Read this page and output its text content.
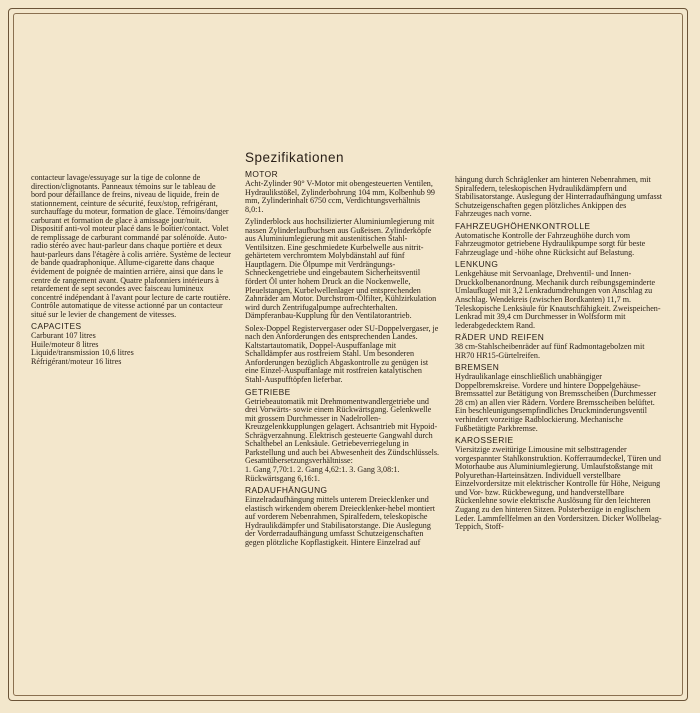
contacteur lavage/essuyage sur la tige de colonne de direction/clignotants. Panneaux témoins sur le tableau de bord pour défaillance de freins, niveau de liquide, frein de stationnement, ceinture de sécurité, feux/stop, refrigérant, surchauffage du moteur, formation de glace. Témoins/danger carburant et formation de glace à amissage jour/nuit. Dispositif anti-vol moteur placé dans le boîtier/contact. Volet de remplissage de carburant commandé par solénoïde. Auto-radio stéréo avec haut-parleur dans chaque portière et deux haut-parleurs dans l'étagère à colis arrière. Système de lecteur de bande quadraphonique. Allume-cigarette dans chaque évidement de poignée de maintien arrière, ainsi que dans le centre de rangement avant. Quatre plafonniers intérieurs à retardement de sept secondes avec faisceau lumineux concentré indépendant à l'avant pour lecture de carte routière. Contrôle automatique de vitesse actionné par un contacteur situé sur le levier de changement de vitesses.

CAPACITES

Carburant 107 litres

Huile/moteur 8 litres

Liquide/transmission 10,6 litres

Réfrigérant/moteur 16 litres

Spezifikationen
MOTOR

Acht-Zylinder 90° V-Motor mit obengesteuerten Ventilen, Hydraulikstößel, Zylinderbohrung 104 mm, Kolbenhub 99 mm, Zylinderinhalt 6750 ccm, Verdichtungsverhältnis 8,0:1.

Zylinderblock aus hochsilizierter Aluminiumlegierung mit nassen Zylinderlaufbuchsen aus Gußeisen. Zylinderköpfe aus Aluminiumlegierung mit austenitischen Stahl-Ventilsitzen. Eine geschmiedete Kurbelwelle aus nitrit-gehärtetem verchromtem Molybdänstahl auf fünf Hauptlagern. Die Ölpumpe mit Verdrängungs-Schneckengetriebe und eingebautem Sicherheitsventil fördert Öl unter hohem Druck an die Nockenwelle, Pleuelstangen, Kurbelwellenlager und entsprechenden Zahnräder am Motor. Durchstrom-Ölfilter, Kühlzirkulation wird durch Zentrifugalpumpe aufrechterhalten. Dämpferanbau-Kupplung für den Ventilatorantrieb.

Solex-Doppel Registervergaser oder SU-Doppelvergaser, je nach den Anforderungen des entsprechenden Landes. Kaltstartautomatik, Doppel-Auspuffanlage mit Schalldämpfer aus rostfreiem Stahl. Um besonderen Anforderungen bezüglich Abgaskontrolle zu genügen ist eine Einzel-Auspuffanlage mit rostfreien katalytischen Stahl-Auspufftöpfen lieferbar.

GETRIEBE

Getriebeautomatik mit Drehmomentwandlergetriebe und drei Vorwärts- sowie einem Rückwärtsgang. Gelenkwelle mit grossem Durchmesser in Nadelrollen-Kreuzgelenkkupplungen gelagert. Achsantrieb mit Hypoid-Schrägverzahnung. Elektrisch gesteuerte Gangwahl durch Schalthebel an Lenksäule. Getriebeverriegelung in Parkstellung und auch bei Abwesenheit des Zündschlüssels. Gesamtübersetzungsverhältnisse:

1. Gang 7,70:1. 2. Gang 4,62:1. 3. Gang 3,08:1. Rückwärtsgang 6,16:1.

RADAUFHÄNGUNG

Einzelradaufhängung mittels unterem Dreiecklenker und elastisch wirkendem oberem Dreiecklenker-hebel montiert auf vorderem Nebenrahmen, Spiralfedern, teleskopische Hydraulikdämpfer und Stabilisatorstange. Die Auslegung der Vorderradaufhängung umfasst Schutzeigenschaften gegen plötzliche Kopflastigkeit. Hintere Einzelrad auf

hängung durch Schräglenker am hinteren Nebenrahmen, mit Spiralfedern, teleskopischen Hydraulikdämpfern und Stabilisatorstange. Auslegung der Hinterradaufhängung umfasst Schutzeigenschaften gegen plötzliches Ankippen des Fahrzeuges nach vorne.

FAHRZEUGHÖHENKONTROLLE

Automatische Kontrolle der Fahrzeughöhe durch vom Fahrzeugmotor getriebene Hydraulikpumpe sorgt für beste Fahrzeuglage und -höhe ohne Rücksicht auf Belastung.

LENKUNG

Lenkgehäuse mit Servoanlage, Drehventil- und Innen-Druckkolbenanordnung. Mechanik durch reibungsgeminderte Umlaufkugel mit 3,2 Lenkradumdrehungen von Anschlag zu Anschlag. Wendekreis (zwischen Bordkanten) 11,7 m.

Teleskopische Lenksäule für Knautschfähigkeit. Zweispeichen-Lenkrad mit 39,4 cm Durchmesser in Wolfsform mit lederabgedecktem Rand.

RÄDER UND REIFEN

38 cm-Stahlscheibenräder auf fünf Radmontagebolzen mit HR70 HR15-Gürtelreifen.

BREMSEN

Hydraulikanlage einschließlich unabhängiger Doppelbremskreise. Vordere und hintere Doppelgehäuse-Bremssattel zur Betätigung von Bremsscheiben (Durchmesser 28 cm) an allen vier Rädern. Vordere Bremsscheiben belüftet. Ein beschleunigungsempfindliches Druckminderungsventil verhindert vorzeitige Radblockierung. Mechanische Fußbetätigte Parkbremse.

KAROSSERIE

Viersitzige zweitürige Limousine mit selbsttragender vorgespannter Stahlkonstruktion. Kofferraumdeckel, Türen und Motorhaube aus Aluminiumlegierung. Umlaufstoßstange mit Polyurethan-Harteinsätzen. Individuell verstellbare Einzelvordersitze mit elektrischer Kontrolle für Höhe, Neigung und Vor- bzw. Rückbewegung, und handverstellbare Rückenlehne sowie elektrische Auslösung für den leichteren Zugang zu den hinteren Sitzen. Polsterbezüge in englischem Leder. Lammfellfelmen an den Vordersitzen. Dicker Wollbelag-Teppich, Stoff-
